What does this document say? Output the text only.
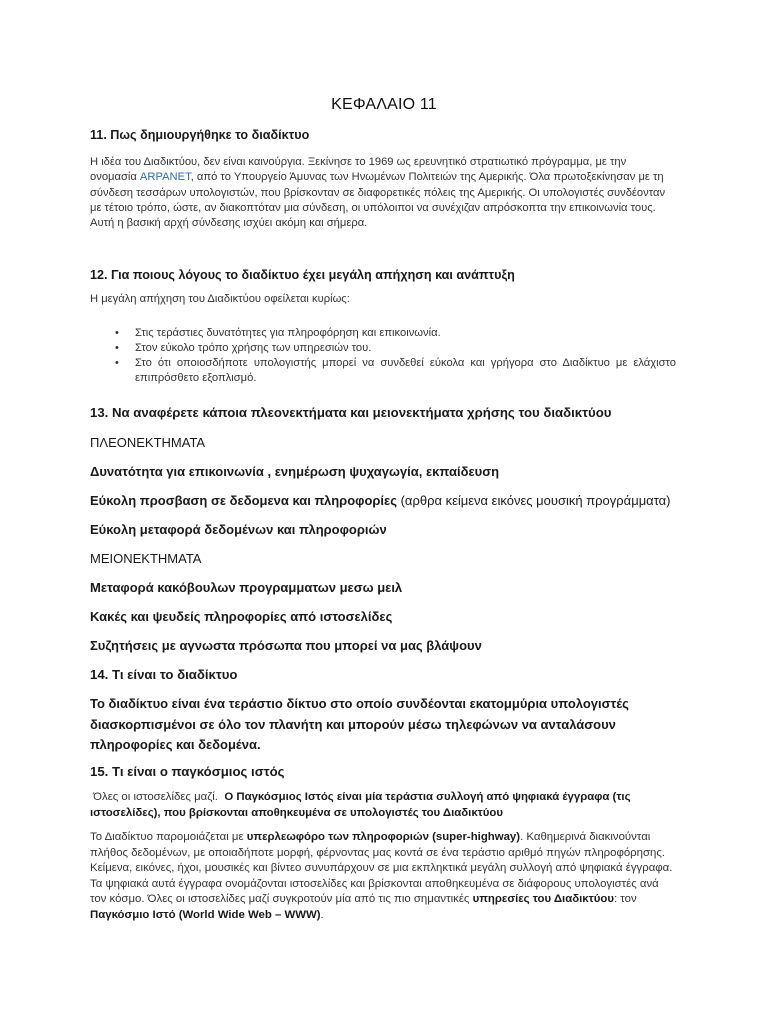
ΚΕΦΑΛΑΙΟ 11
11. Πως δημιουργήθηκε το διαδίκτυο

Η ιδέα του Διαδικτύου, δεν είναι καινούργια. Ξεκίνησε το 1969 ως ερευνητικό στρατιωτικό πρόγραμμα, με την ονομασία ARPANET, από το Υπουργείο Άμυνας των Ηνωμένων Πολιτειών της Αμερικής. Όλα πρωτοξεκίνησαν με τη σύνδεση τεσσάρων υπολογιστών, που βρίσκονταν σε διαφορετικές πόλεις της Αμερικής. Οι υπολογιστές συνδέονταν με τέτοιο τρόπο, ώστε, αν διακοπτόταν μια σύνδεση, οι υπόλοιποι να συνέχιζαν απρόσκοπτα την επικοινωνία τους. Αυτή η βασική αρχή σύνδεσης ισχύει ακόμη και σήμερα.

12. Για ποιους λόγους το διαδίκτυο έχει μεγάλη απήχηση και ανάπτυξη

Η μεγάλη απήχηση του Διαδικτύου οφείλεται κυρίως:

• Στις τεράστιες δυνατότητες για πληροφόρηση και επικοινωνία.
• Στον εύκολο τρόπο χρήσης των υπηρεσιών του.
• Στο ότι οποιοσδήποτε υπολογιστής μπορεί να συνδεθεί εύκολα και γρήγορα στο Διαδίκτυο με ελάχιστο επιπρόσθετο εξοπλισμό.
13. Να αναφέρετε κάποια πλεονεκτήματα και μειονεκτήματα χρήσης του διαδικτύου

ΠΛΕΟΝΕΚΤΗΜΑΤΑ

Δυνατότητα για επικοινωνία , ενημέρωση ψυχαγωγία, εκπαίδευση

Εύκολη προσβαση σε δεδομενα και πληροφορίες (αρθρα κείμενα εικόνες μουσική προγράμματα)

Εύκολη μεταφορά δεδομένων και πληροφοριών

ΜΕΙΟΝΕΚΤΗΜΑΤΑ

Μεταφορά κακόβουλων προγραμματων μεσω μειλ

Κακές και ψευδείς πληροφορίες από ιστοσελίδες

Συζητήσεις με αγνωστα πρόσωπα που μπορεί να μας βλάψουν

14. Τι είναι το διαδίκτυο

Το διαδίκτυο είναι ένα τεράστιο δίκτυο στο οποίο συνδέονται εκατομμύρια υπολογιστές διασκορπισμένοι σε όλο τον πλανήτη και μπορούν μέσω τηλεφώνων να ανταλάσουν πληροφορίες και δεδομένα.

15. Τι είναι ο παγκόσμιος ιστός

Όλες οι ιστοσελίδες μαζί. Ο Παγκόσμιος Ιστός είναι μία τεράστια συλλογή από ψηφιακά έγγραφα (τις ιστοσελίδες), που βρίσκονται αποθηκευμένα σε υπολογιστές του Διαδικτύου

Το Διαδίκτυο παρομοιάζεται με υπερλεωφόρο των πληροφοριών (super-highway). Καθημερινά διακινούνται πλήθος δεδομένων, με οποιαδήποτε μορφή, φέρνοντας μας κοντά σε ένα τεράστιο αριθμό πηγών πληροφόρησης. Κείμενα, εικόνες, ήχοι, μουσικές και βίντεο συνυπάρχουν σε μια εκπληκτικά μεγάλη συλλογή από ψηφιακά έγγραφα. Τα ψηφιακά αυτά έγγραφα ονομάζονται ιστοσελίδες και βρίσκονται αποθηκευμένα σε διάφορους υπολογιστές ανά τον κόσμο. Όλες οι ιστοσελίδες μαζί συγκροτούν μία από τις πιο σημαντικές υπηρεσίες του Διαδικτύου: τον Παγκόσμιο Ιστό (World Wide Web – WWW).
